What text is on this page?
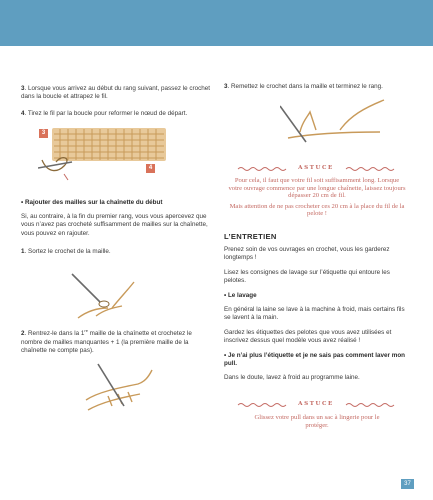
3. Lorsque vous arrivez au début du rang suivant, passez le crochet dans la boucle et attrapez le fil.

4. Tirez le fil par la boucle pour reformer le nœud de départ.

• Rajouter des mailles sur la chaînette du début

Si, au contraire, à la fin du premier rang, vous vous apercevez que vous n’avez pas crocheté suffisamment de mailles sur la chaînette, vous pouvez en rajouter.

1. Sortez le crochet de la maille.

2. Rentrez-le dans la 1re maille de la chaînette et crochetez le nombre de mailles manquantes + 1 (la première maille de la chaînette ne compte pas).

3
4

3. Remettez le crochet dans la maille et terminez le rang.

ASTUCE
Pour cela, il faut que votre fil soit suffisamment long. Lorsque votre ouvrage commence par une longue chaînette, laissez toujours dépasser 20 cm de fil.
Mais attention de ne pas crocheter ces 20 cm à la place du fil de la pelote !
L’ENTRETIEN

Prenez soin de vos ouvrages en crochet, vous les garderez longtemps !

Lisez les consignes de lavage sur l’étiquette qui entoure les pelotes.

• Le lavage

En général la laine se lave à la machine à froid, mais certains fils se lavent à la main.

Gardez les étiquettes des pelotes que vous avez utilisées et inscrivez dessus quel modèle vous avez réalisé !

• Je n’ai plus l’étiquette et je ne sais pas comment laver mon pull.

Dans le doute, lavez à froid au programme laine.

ASTUCE
Glissez votre pull dans un sac à lingerie pour le protéger.
37
